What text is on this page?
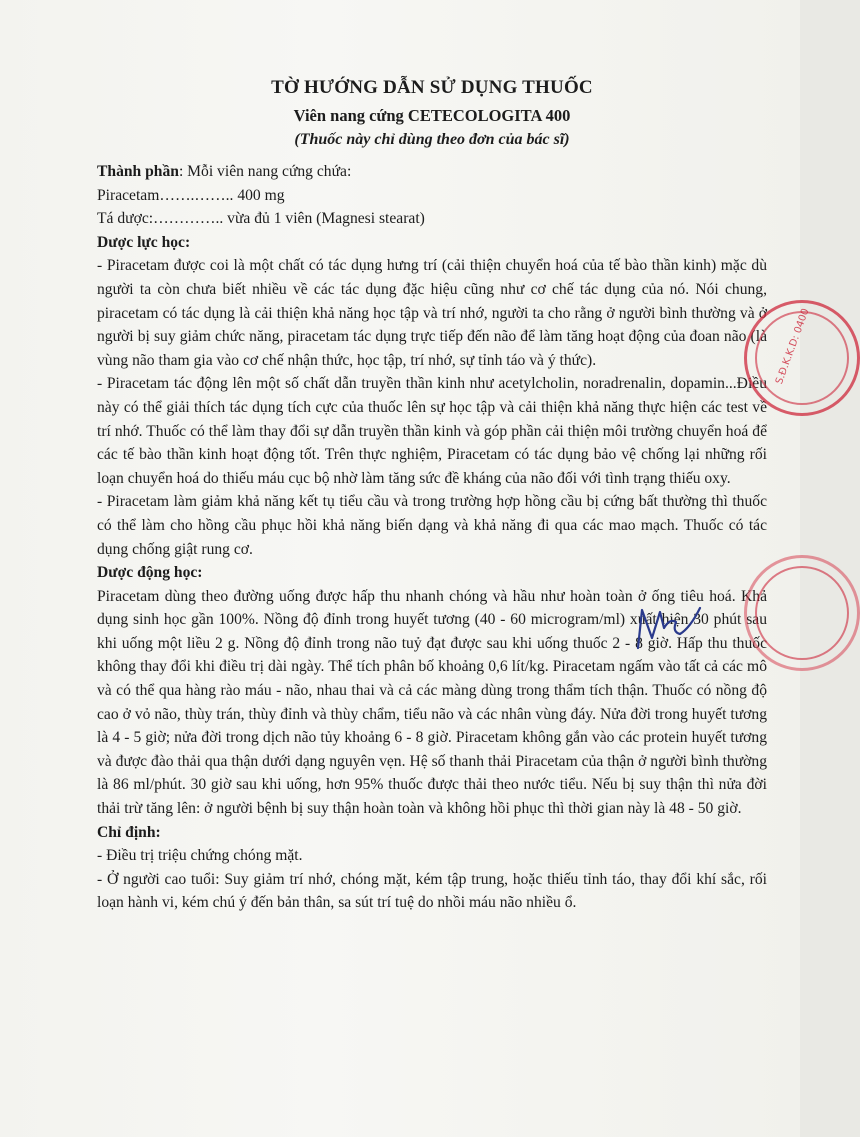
TỜ HƯỚNG DẪN SỬ DỤNG THUỐC
Viên nang cứng CETECOLOGITA 400
(Thuốc này chỉ dùng theo đơn của bác sĩ)

Thành phần: Mỗi viên nang cứng chứa:

Piracetam…….…….. 400 mg

Tá dược:………….. vừa đủ 1 viên (Magnesi stearat)

Dược lực học:

- Piracetam được coi là một chất có tác dụng hưng trí (cải thiện chuyển hoá của tế bào thần kinh) mặc dù người ta còn chưa biết nhiều về các tác dụng đặc hiệu cũng như cơ chế tác dụng của nó. Nói chung, piracetam có tác dụng là cải thiện khả năng học tập và trí nhớ, người ta cho rằng ở người bình thường và ở người bị suy giảm chức năng, piracetam tác dụng trực tiếp đến não để làm tăng hoạt động của đoan não (là vùng não tham gia vào cơ chế nhận thức, học tập, trí nhớ, sự tỉnh táo và ý thức).

- Piracetam tác động lên một số chất dẫn truyền thần kinh như acetylcholin, noradrenalin, dopamin...Điều này có thể giải thích tác dụng tích cực của thuốc lên sự học tập và cải thiện khả năng thực hiện các test về trí nhớ. Thuốc có thể làm thay đổi sự dẫn truyền thần kinh và góp phần cải thiện môi trường chuyển hoá để các tế bào thần kinh hoạt động tốt. Trên thực nghiệm, Piracetam có tác dụng bảo vệ chống lại những rối loạn chuyển hoá do thiếu máu cục bộ nhờ làm tăng sức đề kháng của não đối với tình trạng thiếu oxy.

- Piracetam làm giảm khả năng kết tụ tiểu cầu và trong trường hợp hồng cầu bị cứng bất thường thì thuốc có thể làm cho hồng cầu phục hồi khả năng biến dạng và khả năng đi qua các mao mạch. Thuốc có tác dụng chống giật rung cơ.

Dược động học:

Piracetam dùng theo đường uống được hấp thu nhanh chóng và hầu như hoàn toàn ở ống tiêu hoá. Khả dụng sinh học gần 100%. Nồng độ đỉnh trong huyết tương (40 - 60 microgram/ml) xuất hiện 30 phút sau khi uống một liều 2 g. Nồng độ đỉnh trong não tuỷ đạt được sau khi uống thuốc 2 - 8 giờ. Hấp thu thuốc không thay đổi khi điều trị dài ngày. Thể tích phân bố khoảng 0,6 lít/kg. Piracetam ngấm vào tất cả các mô và có thể qua hàng rào máu - não, nhau thai và cả các màng dùng trong thẩm tích thận. Thuốc có nồng độ cao ở vỏ não, thùy trán, thùy đỉnh và thùy chẩm, tiểu não và các nhân vùng đáy. Nửa đời trong huyết tương là 4 - 5 giờ; nửa đời trong dịch não tủy khoảng 6 - 8 giờ. Piracetam không gắn vào các protein huyết tương và được đào thải qua thận dưới dạng nguyên vẹn. Hệ số thanh thải Piracetam của thận ở người bình thường là 86 ml/phút. 30 giờ sau khi uống, hơn 95% thuốc được thải theo nước tiểu. Nếu bị suy thận thì nửa đời thải trừ tăng lên: ở người bệnh bị suy thận hoàn toàn và không hồi phục thì thời gian này là 48 - 50 giờ.

Chỉ định:

- Điều trị triệu chứng chóng mặt.

- Ở người cao tuổi: Suy giảm trí nhớ, chóng mặt, kém tập trung, hoặc thiếu tỉnh táo, thay đổi khí sắc, rối loạn hành vi, kém chú ý đến bản thân, sa sút trí tuệ do nhồi máu não nhiều ổ.

S.Đ.K.K.D: 0400
